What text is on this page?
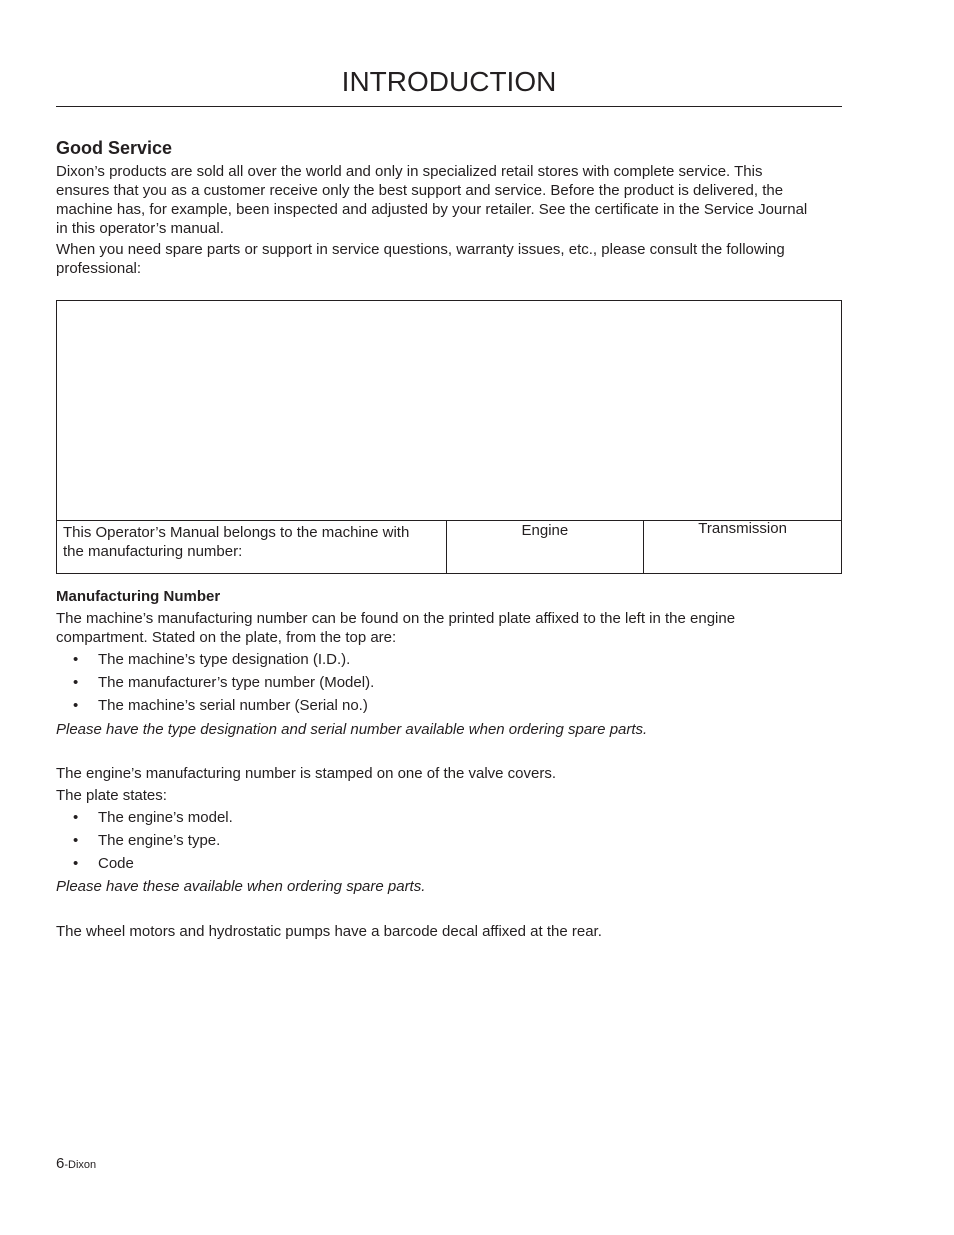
INTRODUCTION
Good Service

Dixon’s products are sold all over the world and only in specialized retail stores with complete service. This
ensures that you as a customer receive only the best support and service. Before the product is delivered, the
machine has, for example, been inspected and adjusted by your retailer. See the certificate in the Service Journal
in this operator’s manual.

When you need spare parts or support in service questions, warranty issues, etc., please consult the following
professional:

This Operator’s Manual belongs to the machine with
the manufacturing number:
Engine	Transmission
Manufacturing Number

The machine’s manufacturing number can be found on the printed plate affixed to the left in the engine
compartment. Stated on the plate, from the top are:

• The machine’s type designation (I.D.).
• The manufacturer’s type number (Model).
• The machine’s serial number (Serial no.)

Please have the type designation and serial number available when ordering spare parts.

The engine’s manufacturing number is stamped on one of the valve covers.

The plate states:

• The engine’s model.
• The engine’s type.
• Code

Please have these available when ordering spare parts.

The wheel motors and hydrostatic pumps have a barcode decal affixed at the rear.

6-Dixon
